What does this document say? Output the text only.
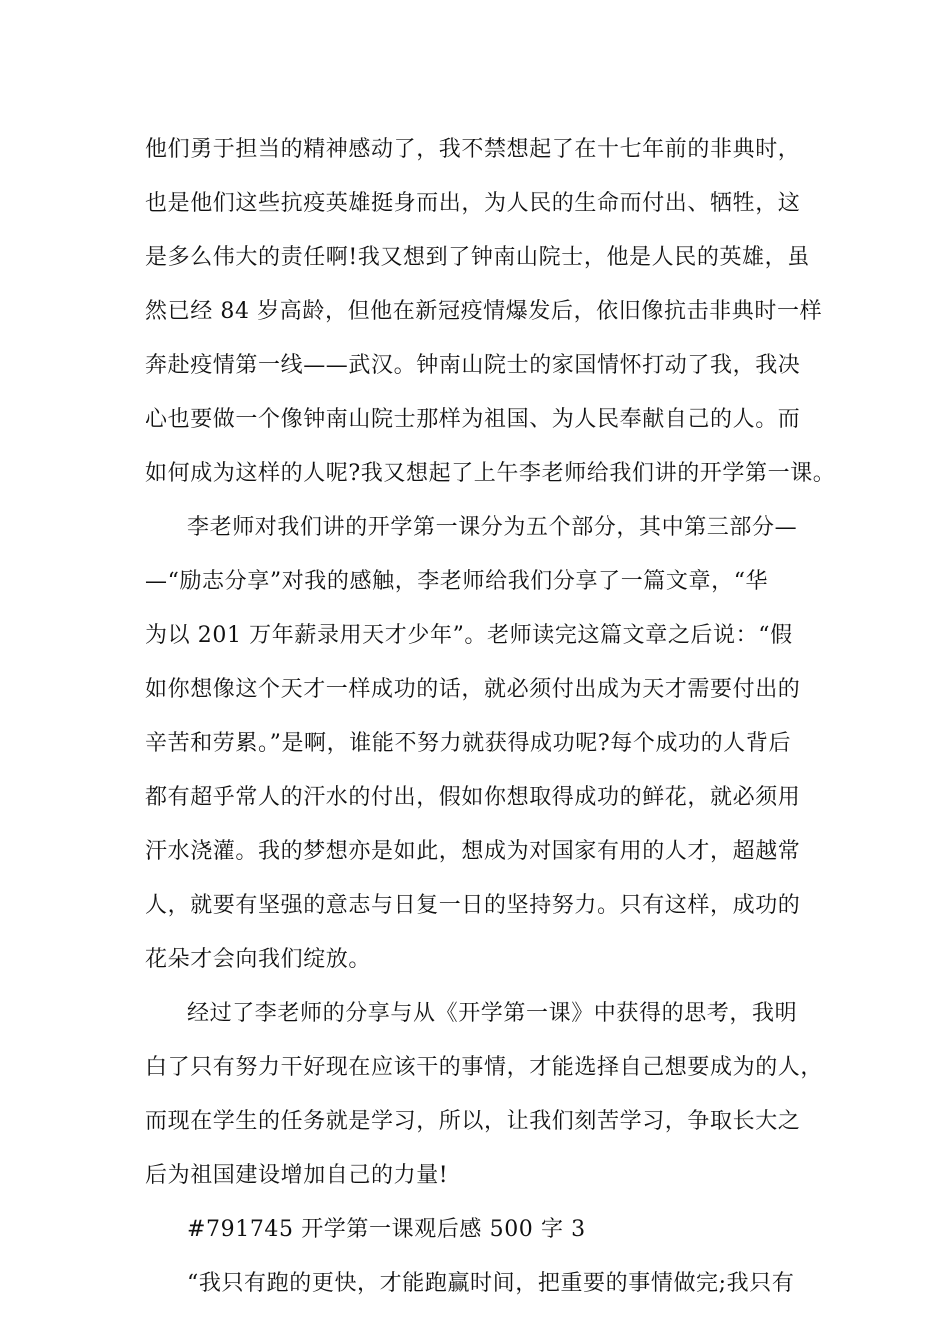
他们勇于担当的精神感动了，我不禁想起了在十七年前的非典时，
也是他们这些抗疫英雄挺身而出，为人民的生命而付出、牺牲，这
是多么伟大的责任啊!我又想到了钟南山院士，他是人民的英雄，虽
然已经 84 岁高龄，但他在新冠疫情爆发后，依旧像抗击非典时一样
奔赴疫情第一线——武汉。钟南山院士的家国情怀打动了我，我决
心也要做一个像钟南山院士那样为祖国、为人民奉献自己的人。而
如何成为这样的人呢?我又想起了上午李老师给我们讲的开学第一课。
李老师对我们讲的开学第一课分为五个部分，其中第三部分—
—“励志分享”对我的感触，李老师给我们分享了一篇文章，“华
为以 201 万年薪录用天才少年”。老师读完这篇文章之后说：“假
如你想像这个天才一样成功的话，就必须付出成为天才需要付出的
辛苦和劳累。”是啊，谁能不努力就获得成功呢?每个成功的人背后
都有超乎常人的汗水的付出，假如你想取得成功的鲜花，就必须用
汗水浇灌。我的梦想亦是如此，想成为对国家有用的人才，超越常
人，就要有坚强的意志与日复一日的坚持努力。只有这样，成功的
花朵才会向我们绽放。
经过了李老师的分享与从《开学第一课》中获得的思考，我明
白了只有努力干好现在应该干的事情，才能选择自己想要成为的人，
而现在学生的任务就是学习，所以，让我们刻苦学习，争取长大之
后为祖国建设增加自己的力量!
#791745 开学第一课观后感 500 字 3
“我只有跑的更快，才能跑赢时间，把重要的事情做完;我只有
